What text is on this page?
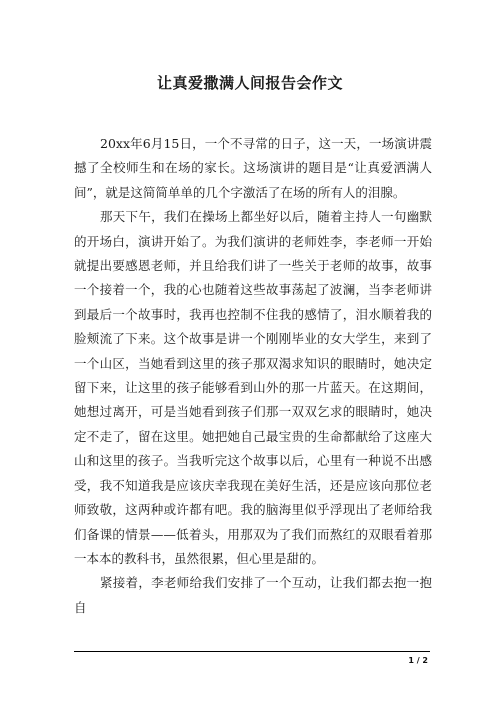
让真爱撒满人间报告会作文

20xx年6月15日，一个不寻常的日子，这一天，一场演讲震撼了全校师生和在场的家长。这场演讲的题目是“让真爱洒满人间”，就是这简简单单的几个字激活了在场的所有人的泪腺。

那天下午，我们在操场上都坐好以后，随着主持人一句幽默的开场白，演讲开始了。为我们演讲的老师姓李，李老师一开始就提出要感恩老师，并且给我们讲了一些关于老师的故事，故事一个接着一个，我的心也随着这些故事荡起了波澜，当李老师讲到最后一个故事时，我再也控制不住我的感情了，泪水顺着我的脸颊流了下来。这个故事是讲一个刚刚毕业的女大学生，来到了一个山区，当她看到这里的孩子那双渴求知识的眼睛时，她决定留下来，让这里的孩子能够看到山外的那一片蓝天。在这期间，她想过离开，可是当她看到孩子们那一双双乞求的眼睛时，她决定不走了，留在这里。她把她自己最宝贵的生命都献给了这座大山和这里的孩子。当我听完这个故事以后，心里有一种说不出感受，我不知道我是应该庆幸我现在美好生活，还是应该向那位老师致敬，这两种或许都有吧。我的脑海里似乎浮现出了老师给我们备课的情景——低着头，用那双为了我们而熬红的双眼看着那一本本的教科书，虽然很累，但心里是甜的。

紧接着，李老师给我们安排了一个互动，让我们都去抱一抱自

1 / 2
